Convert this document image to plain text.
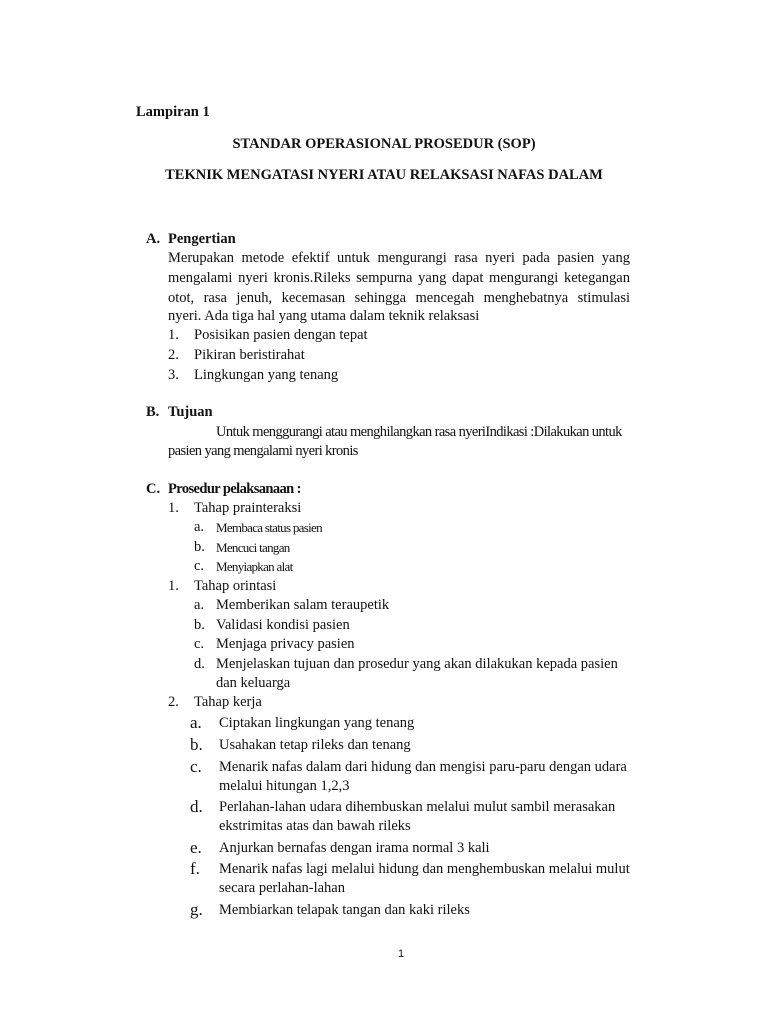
Lampiran 1
STANDAR OPERASIONAL PROSEDUR (SOP)
TEKNIK MENGATASI NYERI ATAU RELAKSASI NAFAS DALAM
A. Pengertian
Merupakan metode efektif untuk mengurangi rasa nyeri pada pasien yang
mengalami nyeri kronis.Rileks sempurna yang dapat mengurangi ketegangan
otot, rasa jenuh, kecemasan sehingga mencegah menghebatnya stimulasi
nyeri. Ada tiga hal yang utama dalam teknik relaksasi
1. Posisikan pasien dengan tepat
2. Pikiran beristirahat
3. Lingkungan yang tenang
B. Tujuan
Untuk menggurangi atau menghilangkan rasa nyeriIndikasi :Dilakukan untuk
pasien yang mengalami nyeri kronis
C. Prosedur pelaksanaan :
1. Tahap prainteraksi
a. Membaca status pasien
b. Mencuci tangan
c. Menyiapkan alat
1. Tahap orintasi
a. Memberikan salam teraupetik
b. Validasi kondisi pasien
c. Menjaga privacy pasien
d. Menjelaskan tujuan dan prosedur yang akan dilakukan kepada pasien
dan keluarga
2. Tahap kerja
a. Ciptakan lingkungan yang tenang
b. Usahakan tetap rileks dan tenang
c. Menarik nafas dalam dari hidung dan mengisi paru-paru dengan udara
melalui hitungan 1,2,3
d. Perlahan-lahan udara dihembuskan melalui mulut sambil merasakan
ekstrimitas atas dan bawah rileks
e. Anjurkan bernafas dengan irama normal 3 kali
f. Menarik nafas lagi melalui hidung dan menghembuskan melalui mulut
secara perlahan-lahan
g. Membiarkan telapak tangan dan kaki rileks
1
